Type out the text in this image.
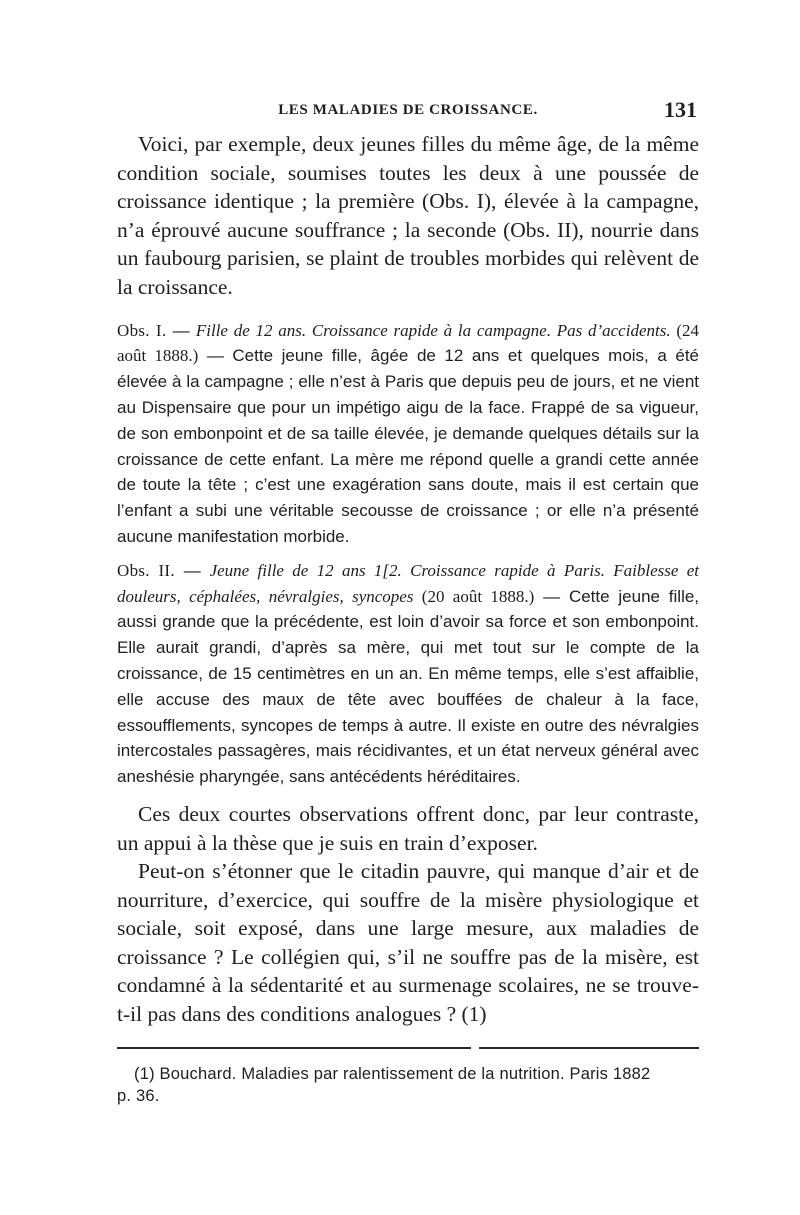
LES MALADIES DE CROISSANCE.	131

Voici, par exemple, deux jeunes filles du même âge, de la même condition sociale, soumises toutes les deux à une poussée de croissance identique ; la première (Obs. I), élevée à la campagne, n’a éprouvé aucune souffrance ; la seconde (Obs. II), nourrie dans un faubourg parisien, se plaint de troubles morbides qui relèvent de la croissance.

Obs. I. — Fille de 12 ans. Croissance rapide à la campagne. Pas d’accidents. (24 août 1888.) — Cette jeune fille, âgée de 12 ans et quelques mois, a été élevée à la campagne ; elle n’est à Paris que depuis peu de jours, et ne vient au Dispensaire que pour un impétigo aigu de la face. Frappé de sa vigueur, de son embonpoint et de sa taille élevée, je demande quelques détails sur la croissance de cette enfant. La mère me répond quelle a grandi cette année de toute la tête ; c’est une exagération sans doute, mais il est certain que l’enfant a subi une véritable secousse de croissance ; or elle n’a présenté aucune manifestation morbide.

Obs. II. — Jeune fille de 12 ans 1[2. Croissance rapide à Paris. Faiblesse et douleurs, céphalées, névralgies, syncopes (20 août 1888.) — Cette jeune fille, aussi grande que la précédente, est loin d’avoir sa force et son embonpoint. Elle aurait grandi, d’après sa mère, qui met tout sur le compte de la croissance, de 15 centimètres en un an. En même temps, elle s’est affaiblie, elle accuse des maux de tête avec bouffées de chaleur à la face, essoufflements, syncopes de temps à autre. Il existe en outre des névralgies intercostales passagères, mais récidivantes, et un état nerveux général avec aneshésie pharyngée, sans antécédents héréditaires.

Ces deux courtes observations offrent donc, par leur contraste, un appui à la thèse que je suis en train d’exposer.

Peut-on s’étonner que le citadin pauvre, qui manque d’air et de nourriture, d’exercice, qui souffre de la misère physiologique et sociale, soit exposé, dans une large mesure, aux maladies de croissance ? Le collégien qui, s’il ne souffre pas de la misère, est condamné à la sédentarité et au surmenage scolaires, ne se trouve-t-il pas dans des conditions analogues ? (1)

(1) Bouchard. Maladies par ralentissement de la nutrition. Paris 1882
p. 36.
